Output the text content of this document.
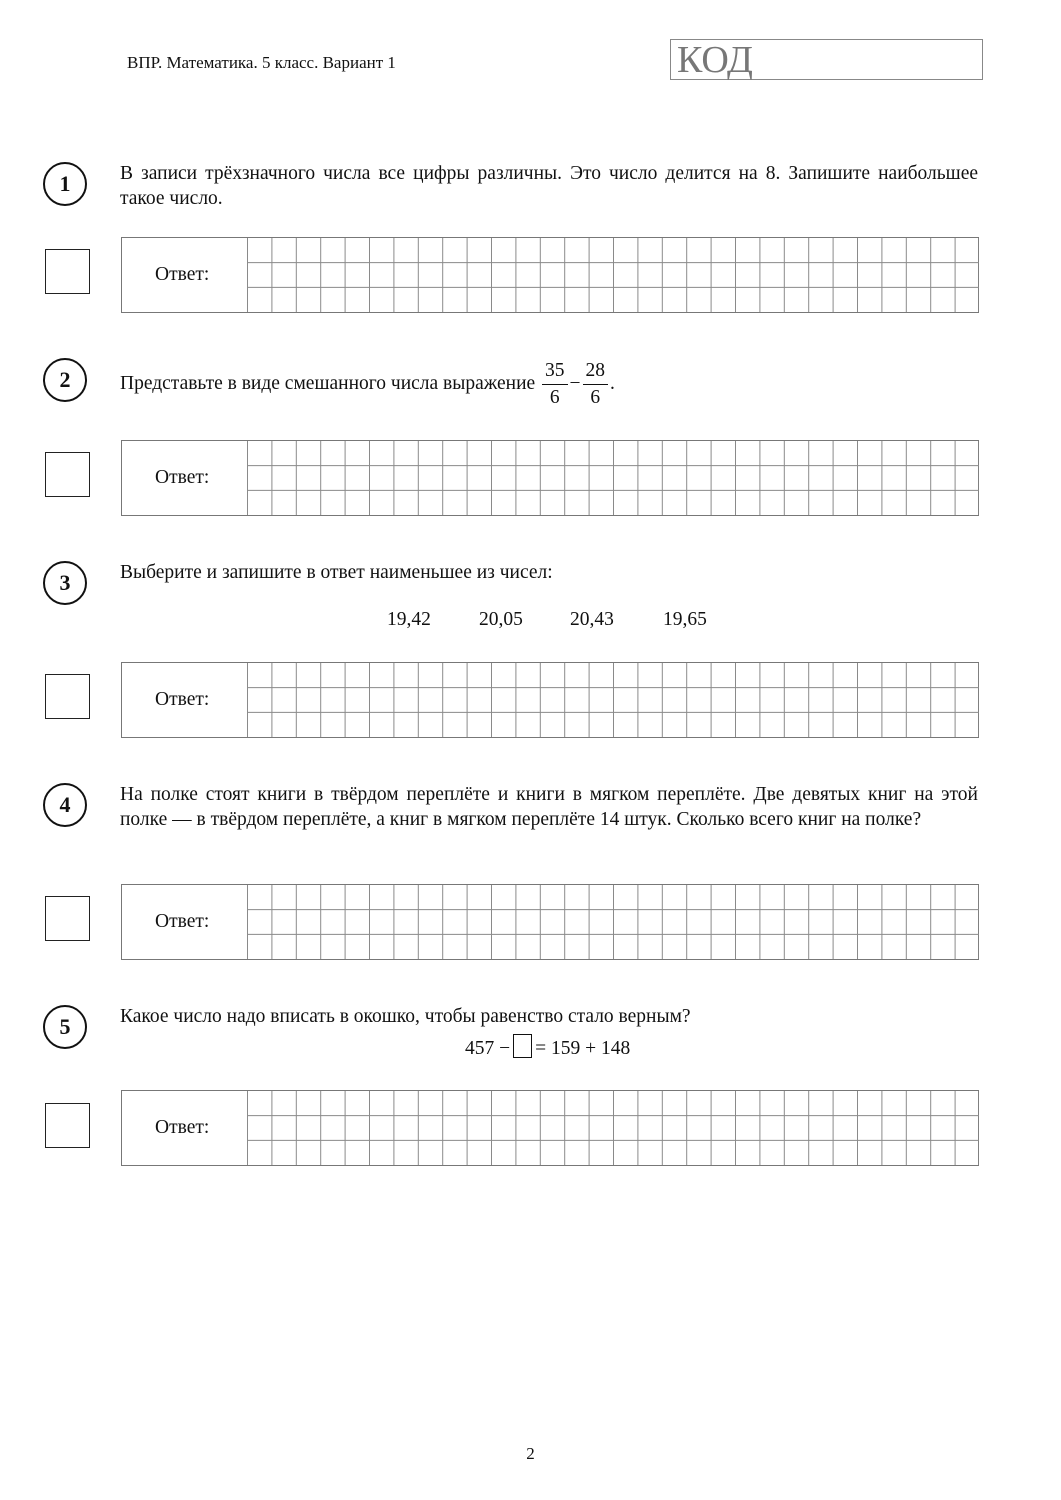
ВПР. Математика. 5 класс. Вариант 1	КОД
1	В записи трёхзначного числа все цифры различны. Это число делится на 8. Запишите наибольшее такое число.
Ответ:
2	Представьте в виде смешанного числа выражение $\frac{35}{6} - \frac{28}{6}$ .
Ответ:
3	Выберите и запишите в ответ наименьшее из чисел:
19,42 20,05 20,43	19,65
Ответ:
4	На полке стоят книги в твёрдом переплёте и книги в мягком переплёте. Две девятых книг на этой полке — в твёрдом переплёте, а книг в мягком переплёте 14 штук. Сколько всего книг на полке?
Ответ:
5	Какое число надо вписать в окошко, чтобы равенство стало верным?
457 − = 159 + 148
Ответ:
2
